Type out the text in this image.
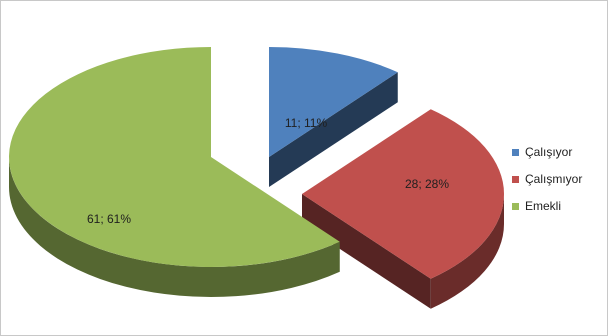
11; 11%
28; 28%
61; 61%
Çalışıyor
Çalışmıyor
Emekli
